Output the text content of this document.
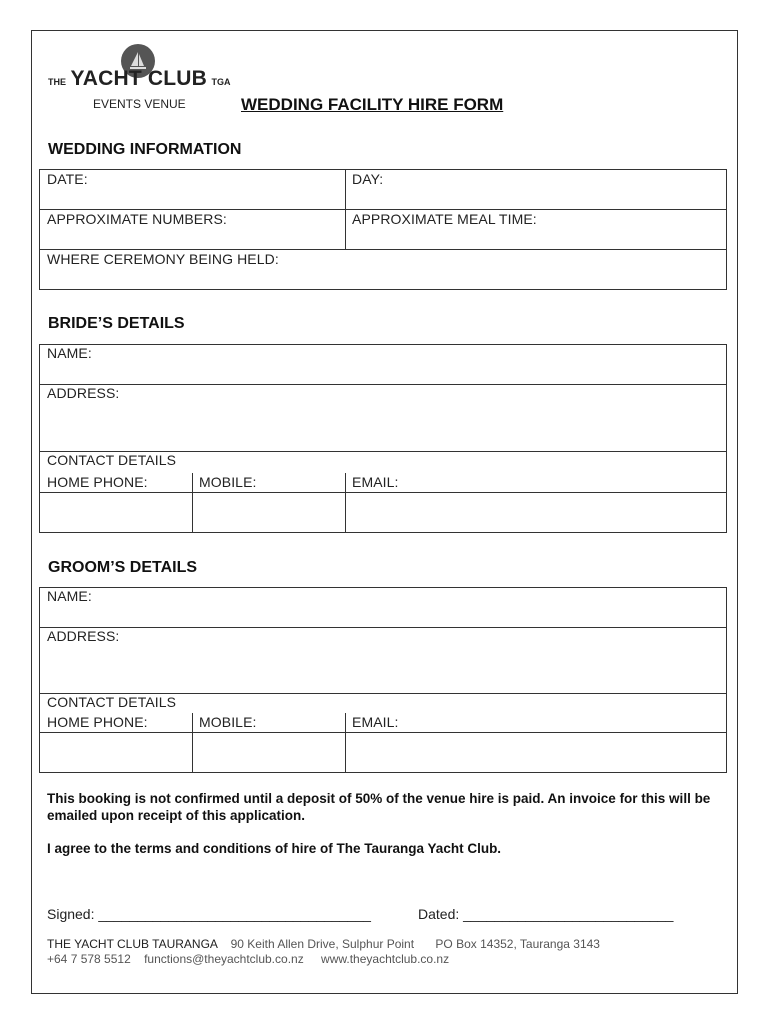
THE YACHT CLUB TGA
EVENTS VENUE	WEDDING FACILITY HIRE FORM
WEDDING INFORMATION
DATE:	DAY:
APPROXIMATE NUMBERS:	APPROXIMATE MEAL TIME:
WHERE CEREMONY BEING HELD:
BRIDE’S DETAILS
NAME:
ADDRESS:
CONTACT DETAILS
HOME PHONE:	MOBILE:	EMAIL:
GROOM’S DETAILS
NAME:
ADDRESS:
CONTACT DETAILS
HOME PHONE:	MOBILE:	EMAIL:
This booking is not confirmed until a deposit of 50% of the venue hire is paid. An invoice for this will be emailed upon receipt of this application.
I agree to the terms and conditions of hire of The Tauranga Yacht Club.
Signed: ___________________________________	Dated: ___________________________
THE YACHT CLUB TAURANGA 90 Keith Allen Drive, Sulphur Point PO Box 14352, Tauranga 3143
+64 7 578 5512 functions@theyachtclub.co.nz www.theyachtclub.co.nz
